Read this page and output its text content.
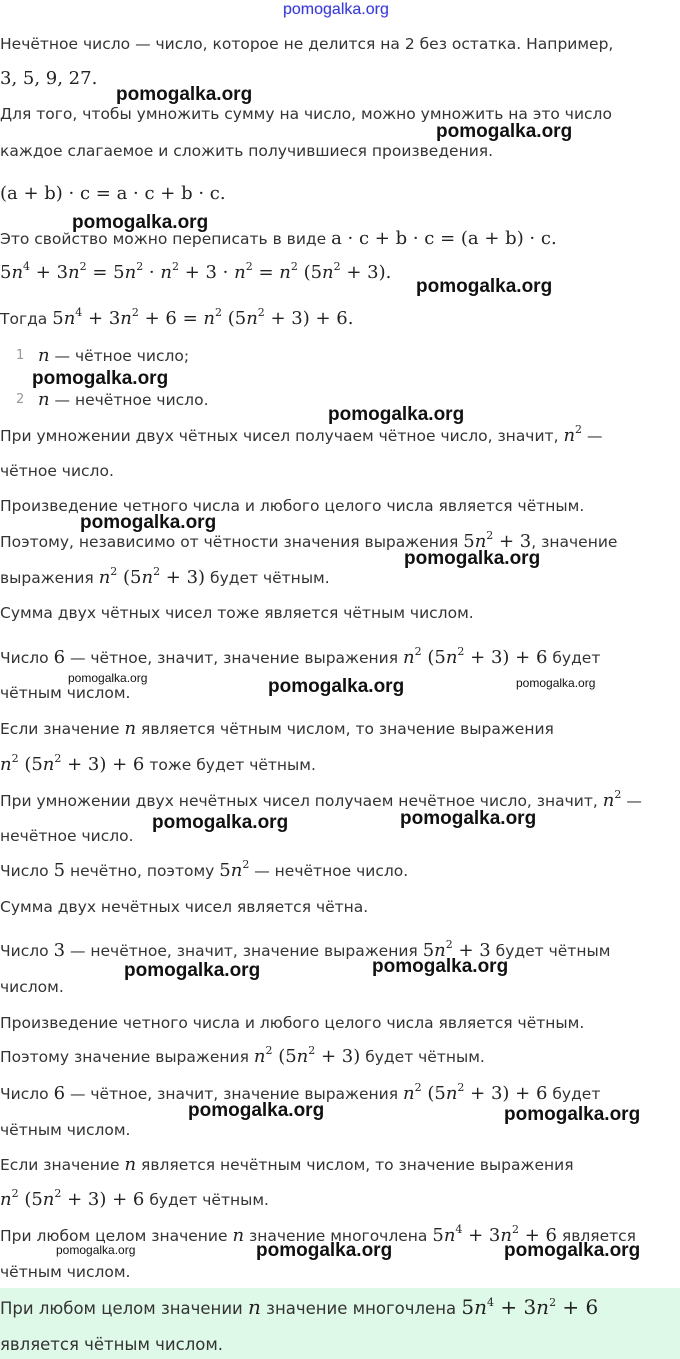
pomogalka.org
Нечётное число — число, которое не делится на 2 без остатка. Например,
3, 5, 9, 27.
Для того, чтобы умножить сумму на число, можно умножить на это число
каждое слагаемое и сложить получившиеся произведения.
(a + b) · c = a · c + b · c.
Это свойство можно переписать в виде a · c + b · c = (a + b) · c.
$5n^4 + 3n^2 = 5n^2 \cdot n^2 + 3 \cdot n^2 = n^2$ $(5n^2 + 3)$.
Тогда $5n^4 + 3n^2 + 6 = n^2$ $(5n^2 + 3) + 6$.
1 n — чётное число;
2 n — нечётное число.
При умножении двух чётных чисел получаем чётное число, значит, $n^2$ —
чётное число.
Произведение четного числа и любого целого числа является чётным.
Поэтому, независимо от чётности значения выражения $5n^2 + 3$, значение
выражения $n^2$ $(5n^2 + 3)$ будет чётным.
Сумма двух чётных чисел тоже является чётным числом.
Число 6 — чётное, значит, значение выражения $n^2$ $(5n^2 + 3) + 6$ будет
чётным числом.
Если значение n является чётным числом, то значение выражения
$n^2$ $(5n^2 + 3) + 6$ тоже будет чётным.
При умножении двух нечётных чисел получаем нечётное число, значит, $n^2$ —
нечётное число.
Число 5 нечётно, поэтому $5n^2$ — нечётное число.
Сумма двух нечётных чисел является чётна.
Число 3 — нечётное, значит, значение выражения $5n^2 + 3$ будет чётным
числом.
Произведение четного числа и любого целого числа является чётным.
Поэтому значение выражения $n^2$ $(5n^2 + 3)$ будет чётным.
Число 6 — чётное, значит, значение выражения $n^2$ $(5n^2 + 3) + 6$ будет
чётным числом.
Если значение n является нечётным числом, то значение выражения
$n^2$ $(5n^2 + 3) + 6$ будет чётным.
При любом целом значение n значение многочлена $5n^4 + 3n^2 + 6$ является
чётным числом.
При любом целом значении n значение многочлена $5n^4 + 3n^2 + 6$
является чётным числом.
pomogalka.org
pomogalka.org
pomogalka.org
pomogalka.org
pomogalka.org
pomogalka.org
pomogalka.org
pomogalka.org
pomogalka.org	pomogalka.org	pomogalka.org
pomogalka.org	pomogalka.org
pomogalka.org	pomogalka.org
pomogalka.org	pomogalka.org
pomogalka.org	pomogalka.org	pomogalka.org
